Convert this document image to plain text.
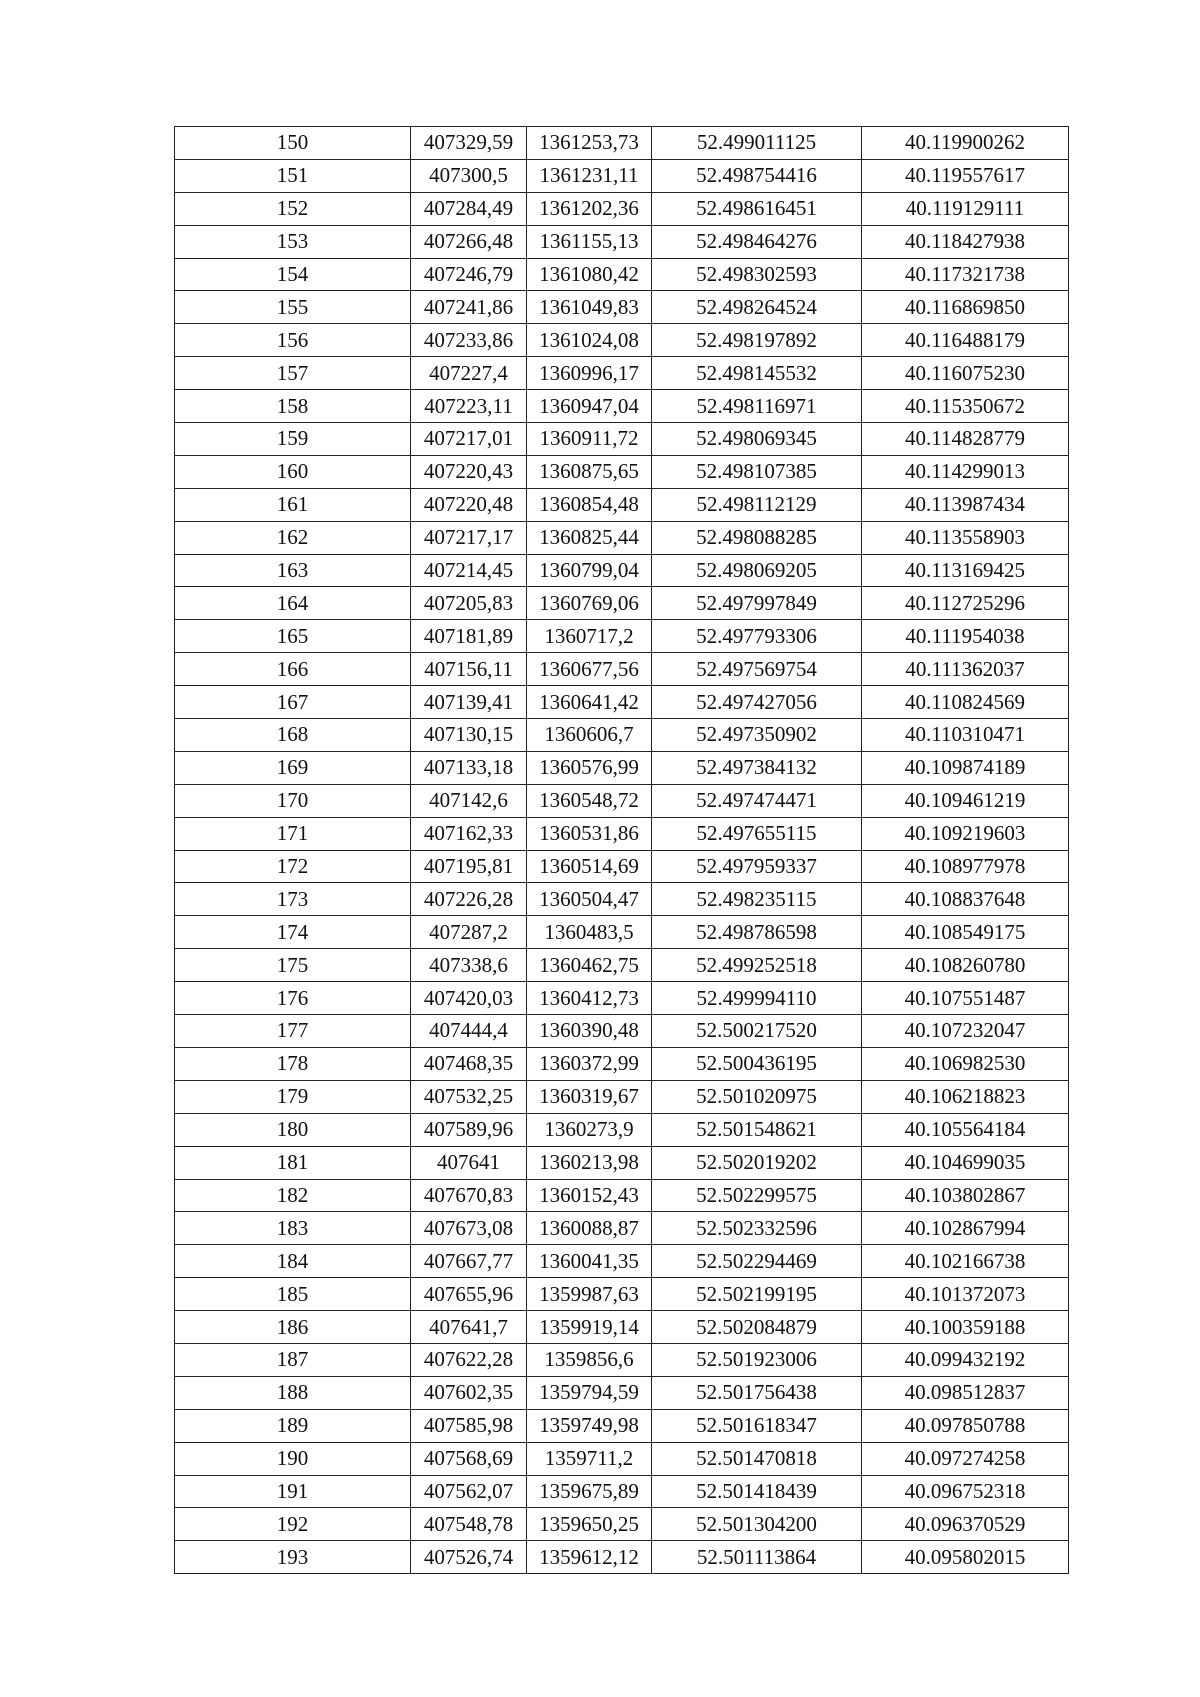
150	407329,59	1361253,73	52.499011125	40.119900262
151	407300,5	1361231,11	52.498754416	40.119557617
152	407284,49	1361202,36	52.498616451	40.119129111
153	407266,48	1361155,13	52.498464276	40.118427938
154	407246,79	1361080,42	52.498302593	40.117321738
155	407241,86	1361049,83	52.498264524	40.116869850
156	407233,86	1361024,08	52.498197892	40.116488179
157	407227,4	1360996,17	52.498145532	40.116075230
158	407223,11	1360947,04	52.498116971	40.115350672
159	407217,01	1360911,72	52.498069345	40.114828779
160	407220,43	1360875,65	52.498107385	40.114299013
161	407220,48	1360854,48	52.498112129	40.113987434
162	407217,17	1360825,44	52.498088285	40.113558903
163	407214,45	1360799,04	52.498069205	40.113169425
164	407205,83	1360769,06	52.497997849	40.112725296
165	407181,89	1360717,2	52.497793306	40.111954038
166	407156,11	1360677,56	52.497569754	40.111362037
167	407139,41	1360641,42	52.497427056	40.110824569
168	407130,15	1360606,7	52.497350902	40.110310471
169	407133,18	1360576,99	52.497384132	40.109874189
170	407142,6	1360548,72	52.497474471	40.109461219
171	407162,33	1360531,86	52.497655115	40.109219603
172	407195,81	1360514,69	52.497959337	40.108977978
173	407226,28	1360504,47	52.498235115	40.108837648
174	407287,2	1360483,5	52.498786598	40.108549175
175	407338,6	1360462,75	52.499252518	40.108260780
176	407420,03	1360412,73	52.499994110	40.107551487
177	407444,4	1360390,48	52.500217520	40.107232047
178	407468,35	1360372,99	52.500436195	40.106982530
179	407532,25	1360319,67	52.501020975	40.106218823
180	407589,96	1360273,9	52.501548621	40.105564184
181	407641	1360213,98	52.502019202	40.104699035
182	407670,83	1360152,43	52.502299575	40.103802867
183	407673,08	1360088,87	52.502332596	40.102867994
184	407667,77	1360041,35	52.502294469	40.102166738
185	407655,96	1359987,63	52.502199195	40.101372073
186	407641,7	1359919,14	52.502084879	40.100359188
187	407622,28	1359856,6	52.501923006	40.099432192
188	407602,35	1359794,59	52.501756438	40.098512837
189	407585,98	1359749,98	52.501618347	40.097850788
190	407568,69	1359711,2	52.501470818	40.097274258
191	407562,07	1359675,89	52.501418439	40.096752318
192	407548,78	1359650,25	52.501304200	40.096370529
193	407526,74	1359612,12	52.501113864	40.095802015
